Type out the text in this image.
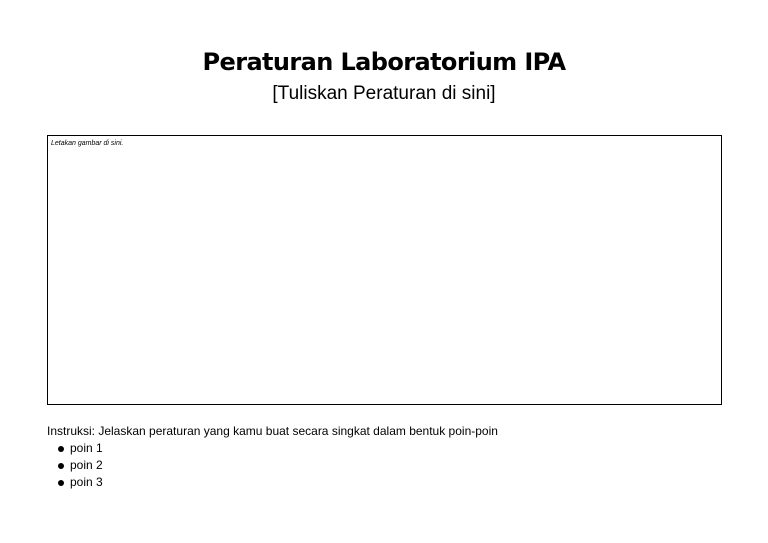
Peraturan Laboratorium IPA

[Tuliskan Peraturan di sini]

Letakan gambar di sini.

Instruksi: Jelaskan peraturan yang kamu buat secara singkat dalam bentuk poin-poin

poin 1
poin 2
poin 3
